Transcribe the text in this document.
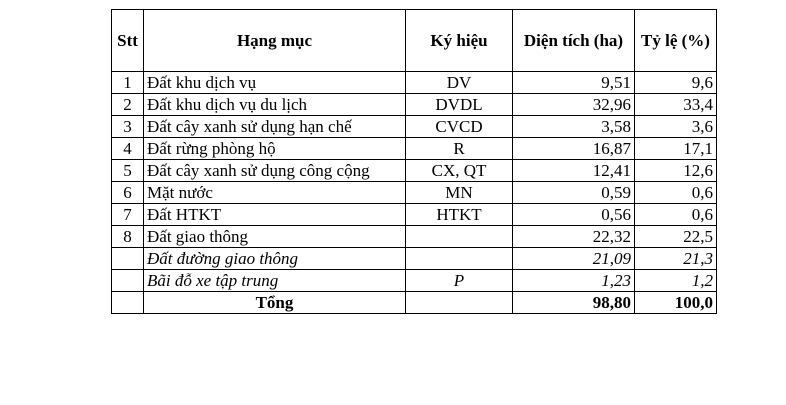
Stt	Hạng mục	Ký hiệu	Diện tích (ha)	Tỷ lệ (%)
1	Đất khu dịch vụ	DV	9,51	9,6
2	Đất khu dịch vụ du lịch	DVDL	32,96	33,4
3	Đất cây xanh sử dụng hạn chế	CVCD	3,58	3,6
4	Đất rừng phòng hộ	R	16,87	17,1
5	Đất cây xanh sử dụng công cộng	CX, QT	12,41	12,6
6	Mặt nước	MN	0,59	0,6
7	Đất HTKT	HTKT	0,56	0,6
8	Đất giao thông		22,32	22,5
	Đất đường giao thông		21,09	21,3
	Bãi đỗ xe tập trung	P	1,23	1,2
	Tổng		98,80	100,0
